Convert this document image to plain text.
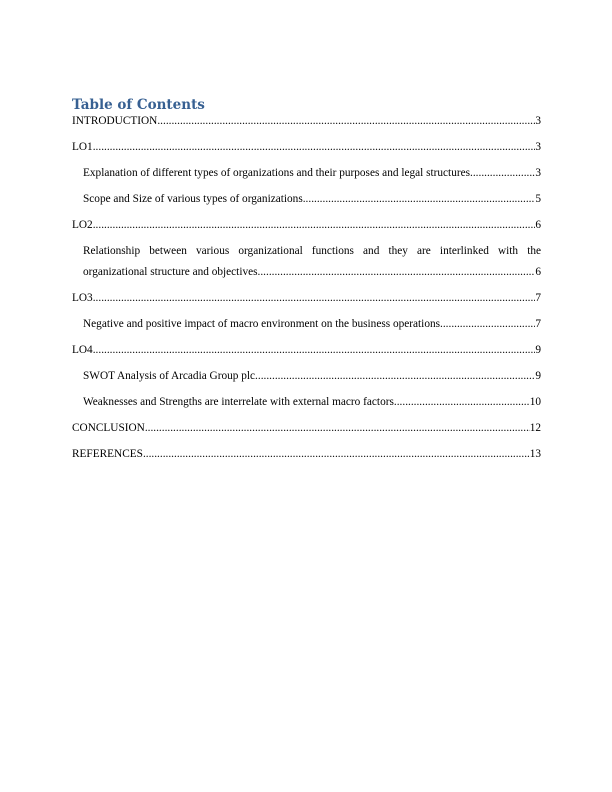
Table of Contents
INTRODUCTION .....	3
LO1 .....	3
Explanation of different types of organizations and their purposes and legal structures .....	3
Scope and Size of various types of organizations .....	5
LO2 .....	6
Relationship between various organizational functions and they are interlinked with the
organizational structure and objectives .....	6
LO3 .....	7
Negative and positive impact of macro environment on the business operations .....	7
LO4 .....	9
SWOT Analysis of Arcadia Group plc .....	9
Weaknesses and Strengths are interrelate with external macro factors .....	10
CONCLUSION .....	12
REFERENCES .....	13
